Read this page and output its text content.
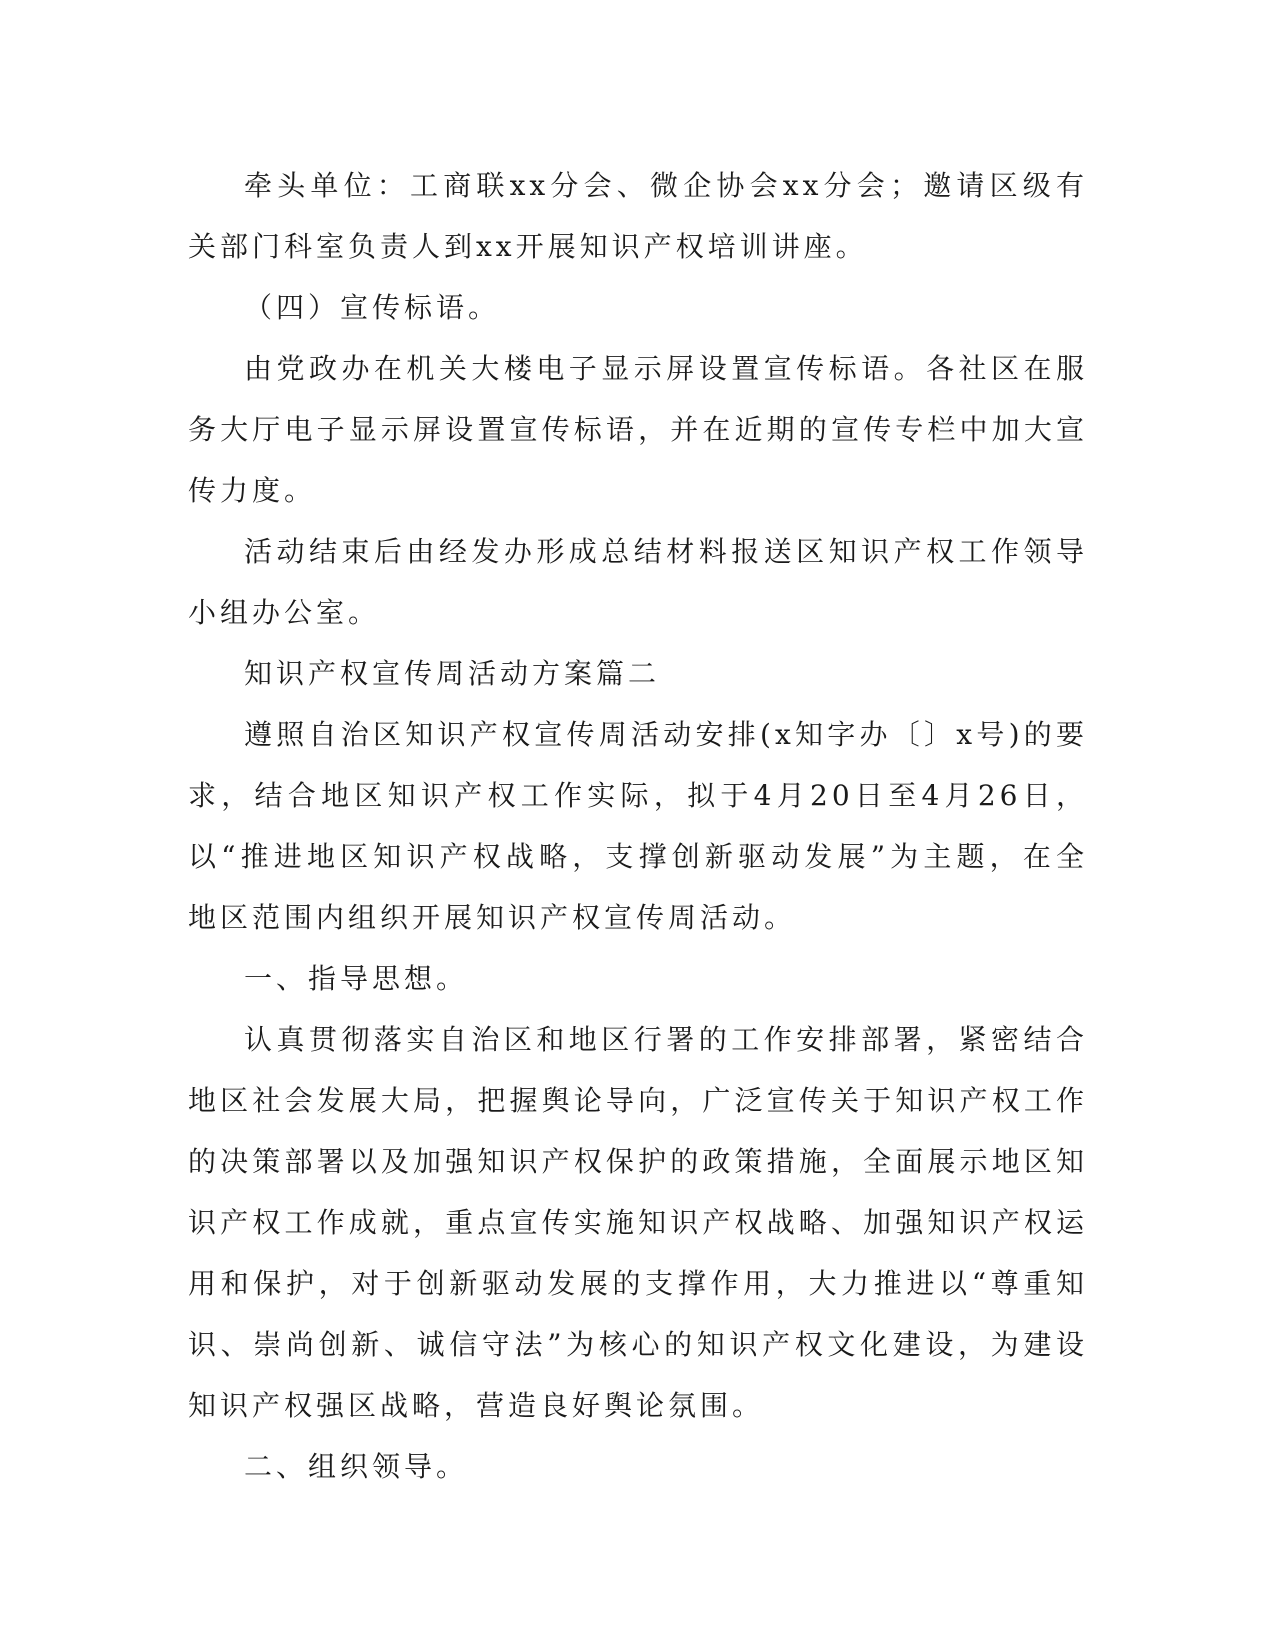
牵头单位：工商联xx分会、微企协会xx分会；邀请区级有关部门科室负责人到xx开展知识产权培训讲座。

（四）宣传标语。

由党政办在机关大楼电子显示屏设置宣传标语。各社区在服务大厅电子显示屏设置宣传标语，并在近期的宣传专栏中加大宣传力度。

活动结束后由经发办形成总结材料报送区知识产权工作领导小组办公室。

知识产权宣传周活动方案篇二

遵照自治区知识产权宣传周活动安排(x知字办〔〕x号)的要求，结合地区知识产权工作实际，拟于4月20日至4月26日，以“推进地区知识产权战略，支撑创新驱动发展”为主题，在全地区范围内组织开展知识产权宣传周活动。

一、指导思想。

认真贯彻落实自治区和地区行署的工作安排部署，紧密结合地区社会发展大局，把握舆论导向，广泛宣传关于知识产权工作的决策部署以及加强知识产权保护的政策措施，全面展示地区知识产权工作成就，重点宣传实施知识产权战略、加强知识产权运用和保护，对于创新驱动发展的支撑作用，大力推进以“尊重知识、崇尚创新、诚信守法”为核心的知识产权文化建设，为建设知识产权强区战略，营造良好舆论氛围。

二、组织领导。
